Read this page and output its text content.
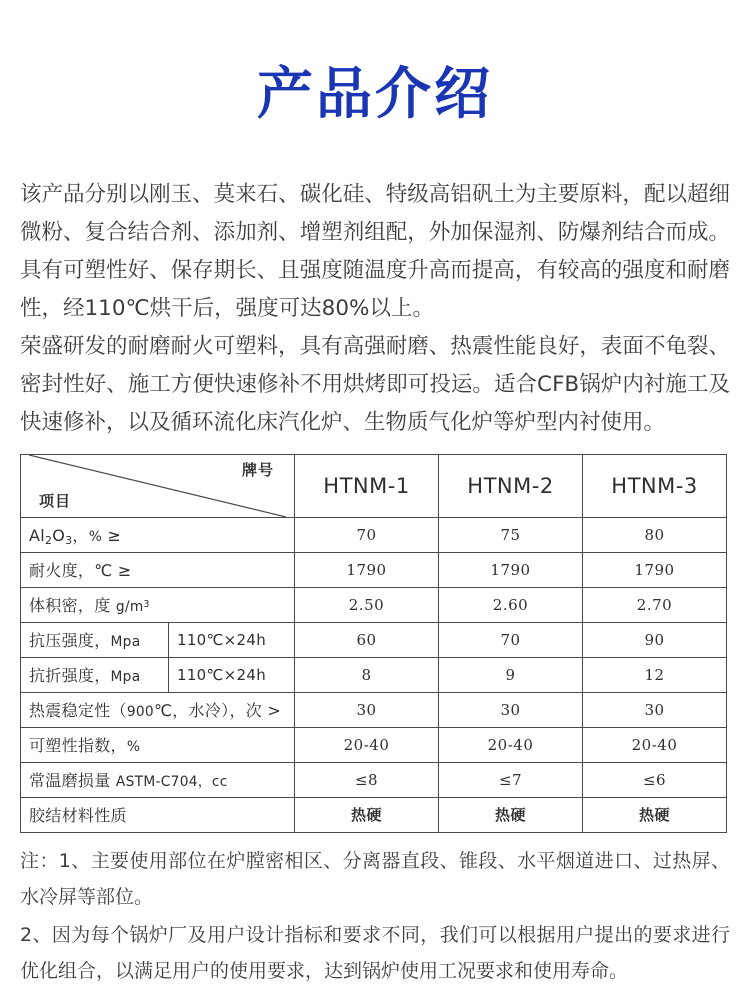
产品介绍

该产品分别以刚玉、莫来石、碳化硅、特级高铝矾土为主要原料，配以超细微粉、复合结合剂、添加剂、增塑剂组配，外加保湿剂、防爆剂结合而成。具有可塑性好、保存期长、且强度随温度升高而提高，有较高的强度和耐磨性，经110℃烘干后，强度可达80%以上。

荣盛研发的耐磨耐火可塑料，具有高强耐磨、热震性能良好，表面不龟裂、密封性好、施工方便快速修补不用烘烤即可投运。适合CFB锅炉内衬施工及快速修补，以及循环流化床汽化炉、生物质气化炉等炉型内衬使用。

牌号
项目		HTNM-1	HTNM-2	HTNM-3
$Al_2O_3$，% ≥		70	75	80
耐火度，℃ ≥		1790	1790	1790
体积密，度 $g/m^3$		2.50	2.60	2.70
抗压强度，Mpa	110℃×24h	60	70	90
抗折强度，Mpa	110℃×24h	8	9	12
热震稳定性（900℃，水冷），次 >		30	30	30
可塑性指数，%		20-40	20-40	20-40
常温磨损量 ASTM-C704，cc		≤8	≤7	≤6
胶结材料性质		热硬	热硬	热硬

注：1、主要使用部位在炉膛密相区、分离器直段、锥段、水平烟道进口、过热屏、水冷屏等部位。

2、因为每个锅炉厂及用户设计指标和要求不同，我们可以根据用户提出的要求进行优化组合，以满足用户的使用要求，达到锅炉使用工况要求和使用寿命。
